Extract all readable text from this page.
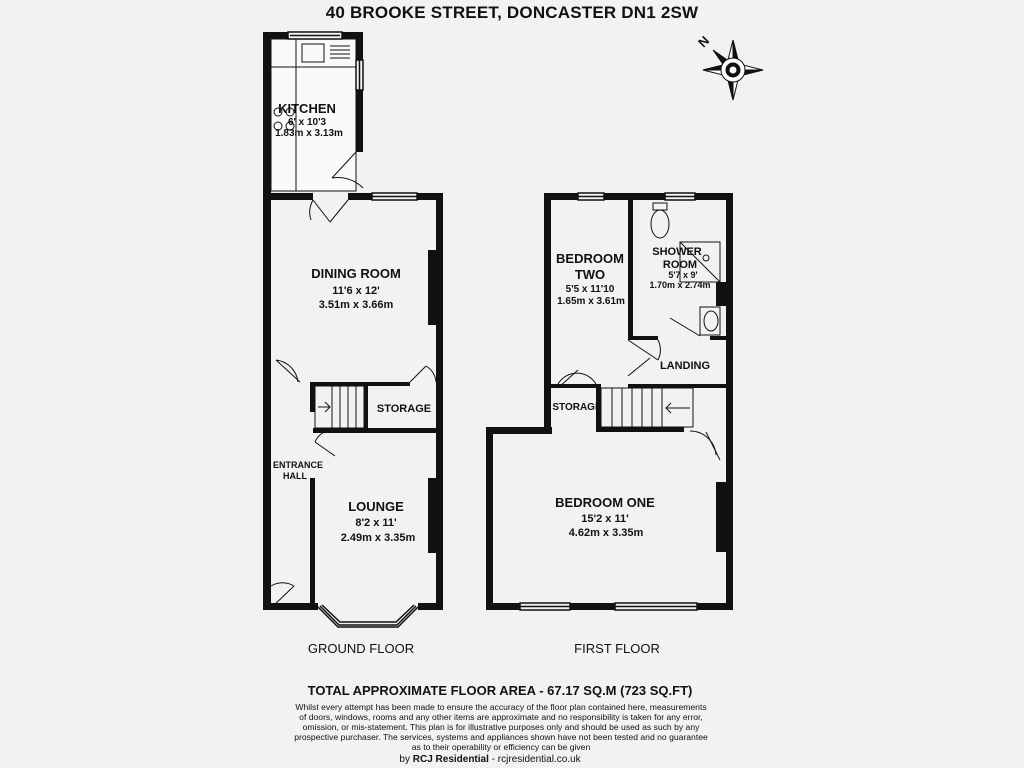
40 BROOKE STREET, DONCASTER DN1 2SW
N
KITCHEN
6' x 10'3
1.83m x 3.13m
DINING ROOM
11'6 x 12'
3.51m x 3.66m
STORAGE
ENTRANCE
HALL
LOUNGE
8'2 x 11'
2.49m x 3.35m
BEDROOM
TWO
5'5 x 11'10
1.65m x 3.61m
SHOWER
ROOM
5'7 x 9'
1.70m x 2.74m
LANDING
STORAGE
BEDROOM ONE
15'2 x 11'
4.62m x 3.35m
GROUND FLOOR	FIRST FLOOR
TOTAL APPROXIMATE FLOOR AREA - 67.17 SQ.M (723 SQ.FT)
Whilst every attempt has been made to ensure the accuracy of the floor plan contained here, measurements of doors, windows, rooms and any other items are approximate and no responsibility is taken for any error, omission, or mis-statement. This plan is for illustrative purposes only and should be used as such by any prospective purchaser. The services, systems and appliances shown have not been tested and no guarantee as to their operability or efficiency can be given
by RCJ Residential - rcjresidential.co.uk
